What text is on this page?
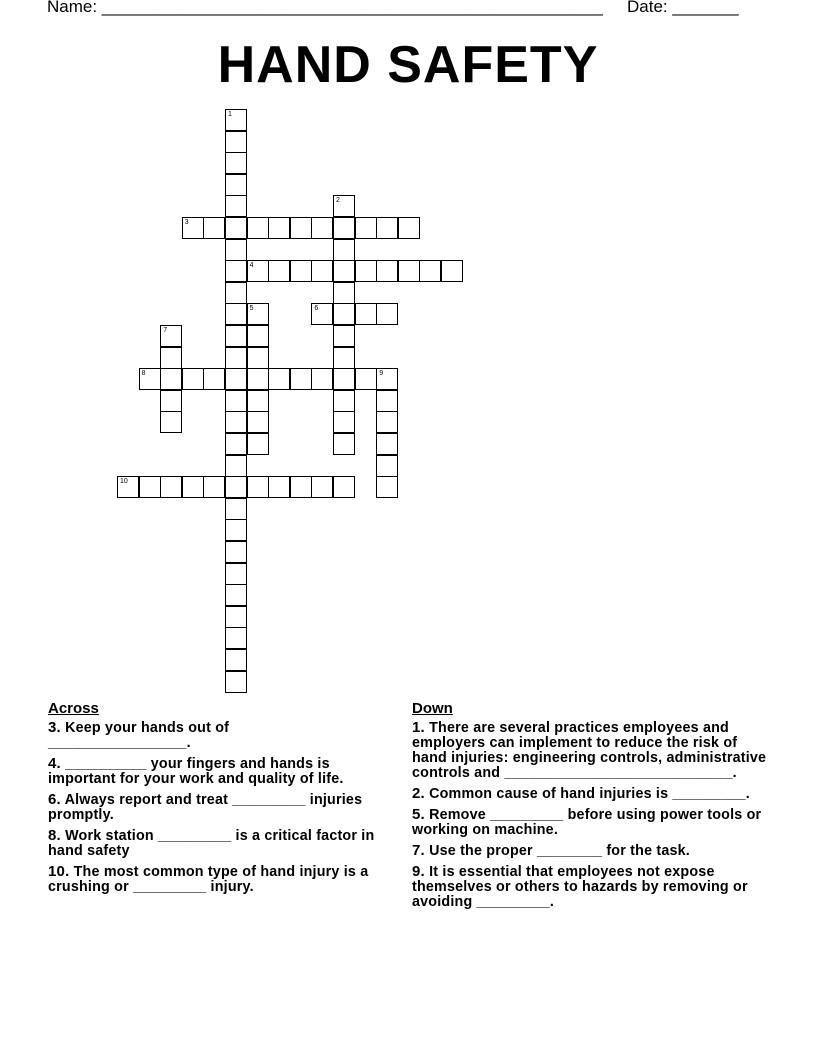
Name: _____________________________________________________ Date: _______
HAND SAFETY
1
2
3
4
5	6
7
8	9
10
Across
3. Keep your hands out of _________________.
4. __________ your fingers and hands is important for your work and quality of life.
6. Always report and treat _________ injuries promptly.
8. Work station _________ is a critical factor in hand safety
10. The most common type of hand injury is a crushing or _________ injury.
Down
1. There are several practices employees and employers can implement to reduce the risk of hand injuries: engineering controls, administrative controls and ____________________________.
2. Common cause of hand injuries is _________.
5. Remove _________ before using power tools or working on machine.
7. Use the proper ________ for the task.
9. It is essential that employees not expose themselves or others to hazards by removing or avoiding _________.
